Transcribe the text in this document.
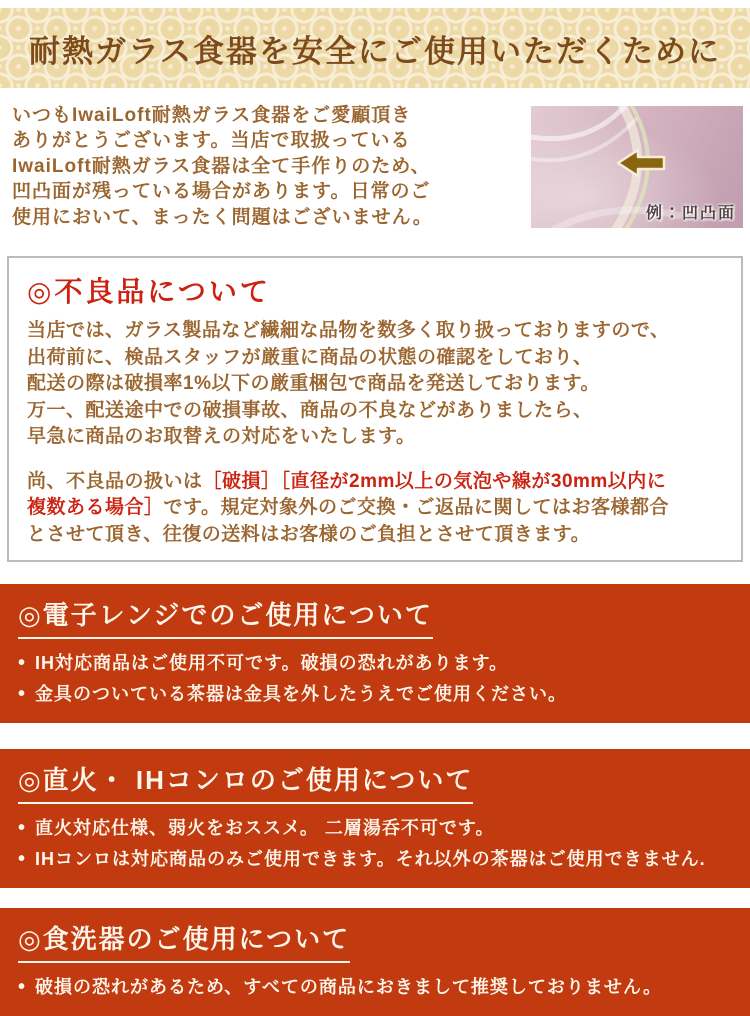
耐熱ガラス食器を安全にご使用いただくために
いつもIwaiLoft耐熱ガラス食器をご愛顧頂き
ありがとうございます。当店で取扱っている
IwaiLoft耐熱ガラス食器は全て手作りのため、
凹凸面が残っている場合があります。日常のご
使用において、まったく問題はございません。	例：凹凸面
◎不良品について
当店では、ガラス製品など繊細な品物を数多く取り扱っておりますので、
出荷前に、検品スタッフが厳重に商品の状態の確認をしており、
配送の際は破損率1%以下の厳重梱包で商品を発送しております。
万一、配送途中での破損事故、商品の不良などがありましたら、
早急に商品のお取替えの対応をいたします。
尚、不良品の扱いは［破損］［直径が2mm以上の気泡や線が30mm以内に
複数ある場合］です。規定対象外のご交換・ご返品に関してはお客様都合
とさせて頂き、往復の送料はお客様のご負担とさせて頂きます。
◎電子レンジでのご使用について
• IH対応商品はご使用不可です。破損の恐れがあります。
• 金具のついている茶器は金具を外したうえでご使用ください。
◎直火・ IHコンロのご使用について
• 直火対応仕様、弱火をおススメ。 二層湯呑不可です。
• IHコンロは対応商品のみご使用できます。それ以外の茶器はご使用できません.
◎食洗器のご使用について
• 破損の恐れがあるため、すべての商品におきまして推奨しておりません。
